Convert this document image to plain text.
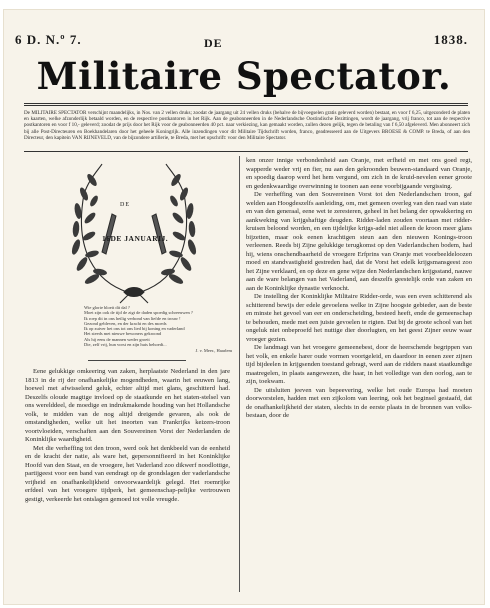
6 D. N.º 7.	DE	1838.
Militaire Spectator.

De MILITAIRE SPECTATOR verschijnt maandelijks, in Nos. van 2 vellen druks; zoodat de jaargang uit 24 vellen druks (behalve de bijvoegselen gratis geleverd worden) bestaat, en voor f 6,25, uitgezonderd de platen en kaarten, welke afzonderlijk betaald worden, en de respective postkantoren in het Rijk. Aan de geabonneerden in de Nederlandsche Oostindische Bezittingen, wordt de jaargang, vrij franco, tot aan de respective postkantoren en voor f 10,- geleverd; zoodat de prijs door het Rijk voor de geabonneerden 40 pct. naar verkiezing, kan gemaakt worden, zullen dezen gelijk, tegen de betaling van f 6,50 afgeleverd. Men abonneert zich bij alle Post-Directeuren en Boekhandelaren door het geheele Koningrijk. Alle inzendingen voor dit Militaire Tijdschrift worden, franco, geadresseerd aan de Uitgevers BROESE & COMP. te Breda, of aan den Directeur, den kapitein VAN RIJNEVELD, van de bijzondere artillerie, te Breda, met het opschrift: voor den Militaire Spectator.

DE
16DE JANUARIJ.
Wie glorie bloeit dit dal ?
Moet zijn ook de tijd de zigt de daden spoedig schreeuwen ?
Ik roep dit in ons heilig verbond van liefde en trouw !
Gezond gebleven, en der kracht en des moeds
Ik op zuiver het ons tot ons lied bij koning en vaderland
Het steeds met nieuwe bewoners gekroond
Als hij eens de mannen weder groeit
Die, zelf vrij, hun vorst en zijn huis behoedt...
J. v. Meer., Haarlem

Eene gelukkige omkeering van zaken, herplaatste Nederland in den jare 1813 in de rij der onafhankelijke mogendheden, waarin het eeuwen lang, hoewel met afwisselend geluk, echter altijd met glans, geschitterd had. Deszelfs oloude magtige invloed op de staatkunde en het staten-stelsel van ons werelddeel, de moedige en indrukmakende houding van het Hollandsche volk, te midden van de nog altijd dreigende gevaren, als ook de omstandigheden, welke uit het ineorten van Frankrijks keizers-troon voortvloeiden, verschaften aan den Souvereinen Vorst der Nederlanden de Koninklijke waardigheid.

Met die verheffing tot den troon, werd ook het denkbeeld van de eenheid en de kracht der natie, als ware het, gepersonnifieerd in het Koninklijke Hoofd van den Staat, en de vroegere, het Vaderland zoo dikwerf noodlottige, partijgeest voor een band van eendragt op de grondslagen der vaderlandsche vrijheid en onafhankelijkheid onvoorwaardelijk gelegd. Het roemrijke erfdeel van het vroegere tijdperk, het gemeenschap-pelijke vertrouwen gestigt, verkeerde het ontslagen gemoed tot volle vreugde.

ken onzer innige verbondenheid aan Oranje, met erfheid en met ons goed regt, wapperde weder vrij en fier, nu aan den gekroonden beuwen-standaard van Oranje, en spoedig daarop werd het hem vergund, om zich in de kruid-nevelen eener groote en gedenkwaardige overwinning te toonen aan eene voorbijgaande vergissing.

De verheffing van den Souvereinen Vorst tot den Nederlandschen troon, gaf welden aan Hoogdeszelfs aanleiding, om, met gemeen overleg van den raad van state en van den generaal, eene wet te zeresteren, geheel in het belang der opwakkering en aankweking van krijgshaftige deugden. Ridder-laden zouden voortaan met ridder-kruisen beloond worden, en een tijdelijke krijgs-adel niet alleen de kroon meer glans bijzetten, maar ook eenen krachtigen steun aan den nieuwen Konings-troon verleenen. Reeds bij Zijne gelukkige terugkomst op den Vaderlandschen bodem, had hij, wiens onschendbaarheid de vroegere Erfprins van Oranje met voorbeeldeloozen moed en standvastigheid gestreden had, dat de Vorst het edelk krijgsmansgeest zoo het Zijne verklaard, en op deze en gene wijze den Nederlandschen krijgsstand, nauwe aan de ware belangen van het Vaderland, aan deszelfs geestelijk orde van zaken en aan de Koninklijke dynastie verknocht.

De instelling der Koninklijke Militaire Ridder-orde, was een even schitterend als schitterend bewijs der edele gevoelens welke in Zijne hoogste gebieder, aan de beste en minste het gevoel van eer en onderscheiding, besteed heeft, ende de gemeenschap te behouden, mede met een juiste gevoelen te rigten. Dat bij de groote school van het ongeluk niet onbeproefd het nuttige dier doorlugten, en het geest Zijner eeuw waar vroeger gezien.

De landmagt van het vroegere gemeenebest, door de heerschende begrippen van het volk, en enkele harer oude vormen voortgeleid, en daardoor in eenen zeer zijnen tijd bijdeelen in krijgsenden toestand gebragt, werd aan de ridders naast staatkundige maatregelen, in plaats aangewezen, die haar, in het volledige van den oorlog, aan te zijn, toekwam.

De uitsluiten jeeven van bepeevering, welke het oude Europa had moeten doorworstelen, hadden met een zijkolom van leering, ook het beginsel gestaafd, dat de onafhankelijkheid der staten, slechts in de eerste plaats in de bronnen van volks-bestaan, door de
